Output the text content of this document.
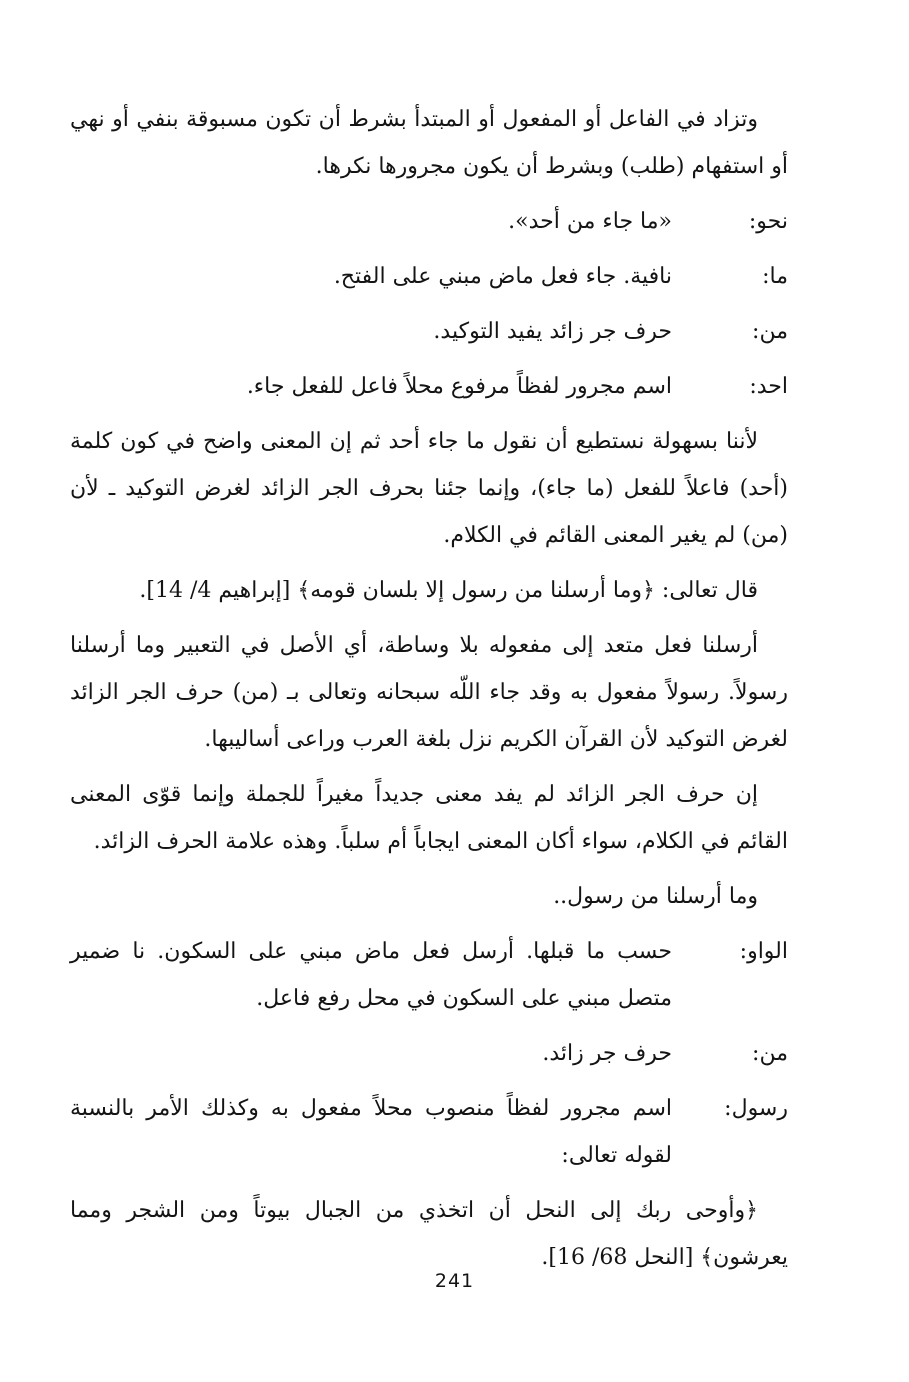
وتزاد في الفاعل أو المفعول أو المبتدأ بشرط أن تكون مسبوقة بنفي أو نهي أو استفهام (طلب) وبشرط أن يكون مجرورها نكرها.

نحو:
«ما جاء من أحد».
ما:
نافية. جاء فعل ماض مبني على الفتح.
من:
حرف جر زائد يفيد التوكيد.
احد:
اسم مجرور لفظاً مرفوع محلاً فاعل للفعل جاء.

لأننا بسهولة نستطيع أن نقول ما جاء أحد ثم إن المعنى واضح في كون كلمة (أحد) فاعلاً للفعل (ما جاء)، وإنما جئنا بحرف الجر الزائد لغرض التوكيد ـ لأن (من) لم يغير المعنى القائم في الكلام.

قال تعالى: ﴿وما أرسلنا من رسول إلا بلسان قومه﴾ [إبراهيم 4/ 14].

أرسلنا فعل متعد إلى مفعوله بلا وساطة، أي الأصل في التعبير وما أرسلنا رسولاً. رسولاً مفعول به وقد جاء اللّه سبحانه وتعالى بـ (من) حرف الجر الزائد لغرض التوكيد لأن القرآن الكريم نزل بلغة العرب وراعى أساليبها.

إن حرف الجر الزائد لم يفد معنى جديداً مغيراً للجملة وإنما قوّى المعنى القائم في الكلام، سواء أكان المعنى ايجاباً أم سلباً. وهذه علامة الحرف الزائد.

وما أرسلنا من رسول..

الواو:
حسب ما قبلها. أرسل فعل ماض مبني على السكون. نا ضمير متصل مبني على السكون في محل رفع فاعل.
من:
حرف جر زائد.
رسول:
اسم مجرور لفظاً منصوب محلاً مفعول به وكذلك الأمر بالنسبة لقوله تعالى:

﴿وأوحى ربك إلى النحل أن اتخذي من الجبال بيوتاً ومن الشجر ومما يعرشون﴾ [النحل 68/ 16].

241
